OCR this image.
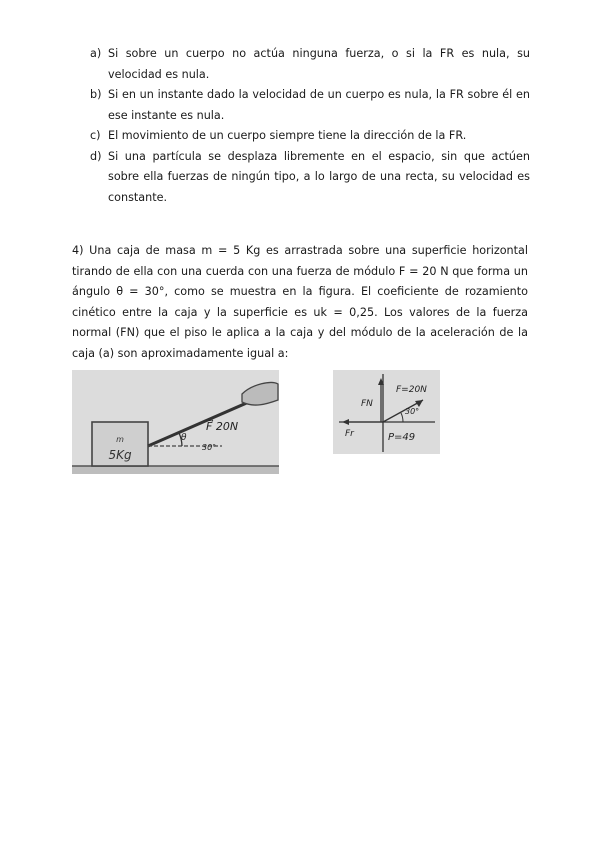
a) Si sobre un cuerpo no actúa ninguna fuerza, o si la FR es nula, su velocidad es nula.
b) Si en un instante dado la velocidad de un cuerpo es nula, la FR sobre él en ese instante es nula.
c) El movimiento de un cuerpo siempre tiene la dirección de la FR.
d) Si una partícula se desplaza libremente en el espacio, sin que actúen sobre ella fuerzas de ningún tipo, a lo largo de una recta, su velocidad es constante.

4) Una caja de masa m = 5 Kg es arrastrada sobre una superficie horizontal tirando de ella con una cuerda con una fuerza de módulo F = 20 N que forma un ángulo θ = 30°, como se muestra en la figura. El coeficiente de rozamiento cinético entre la caja y la superficie es uk = 0,25. Los valores de la fuerza normal (FN) que el piso le aplica a la caja y del módulo de la aceleración de la caja (a) son aproximadamente igual a:

m
5Kg
F⃗ 20N
θ
30°
FN
F=20N
30°
Fr	P=49
